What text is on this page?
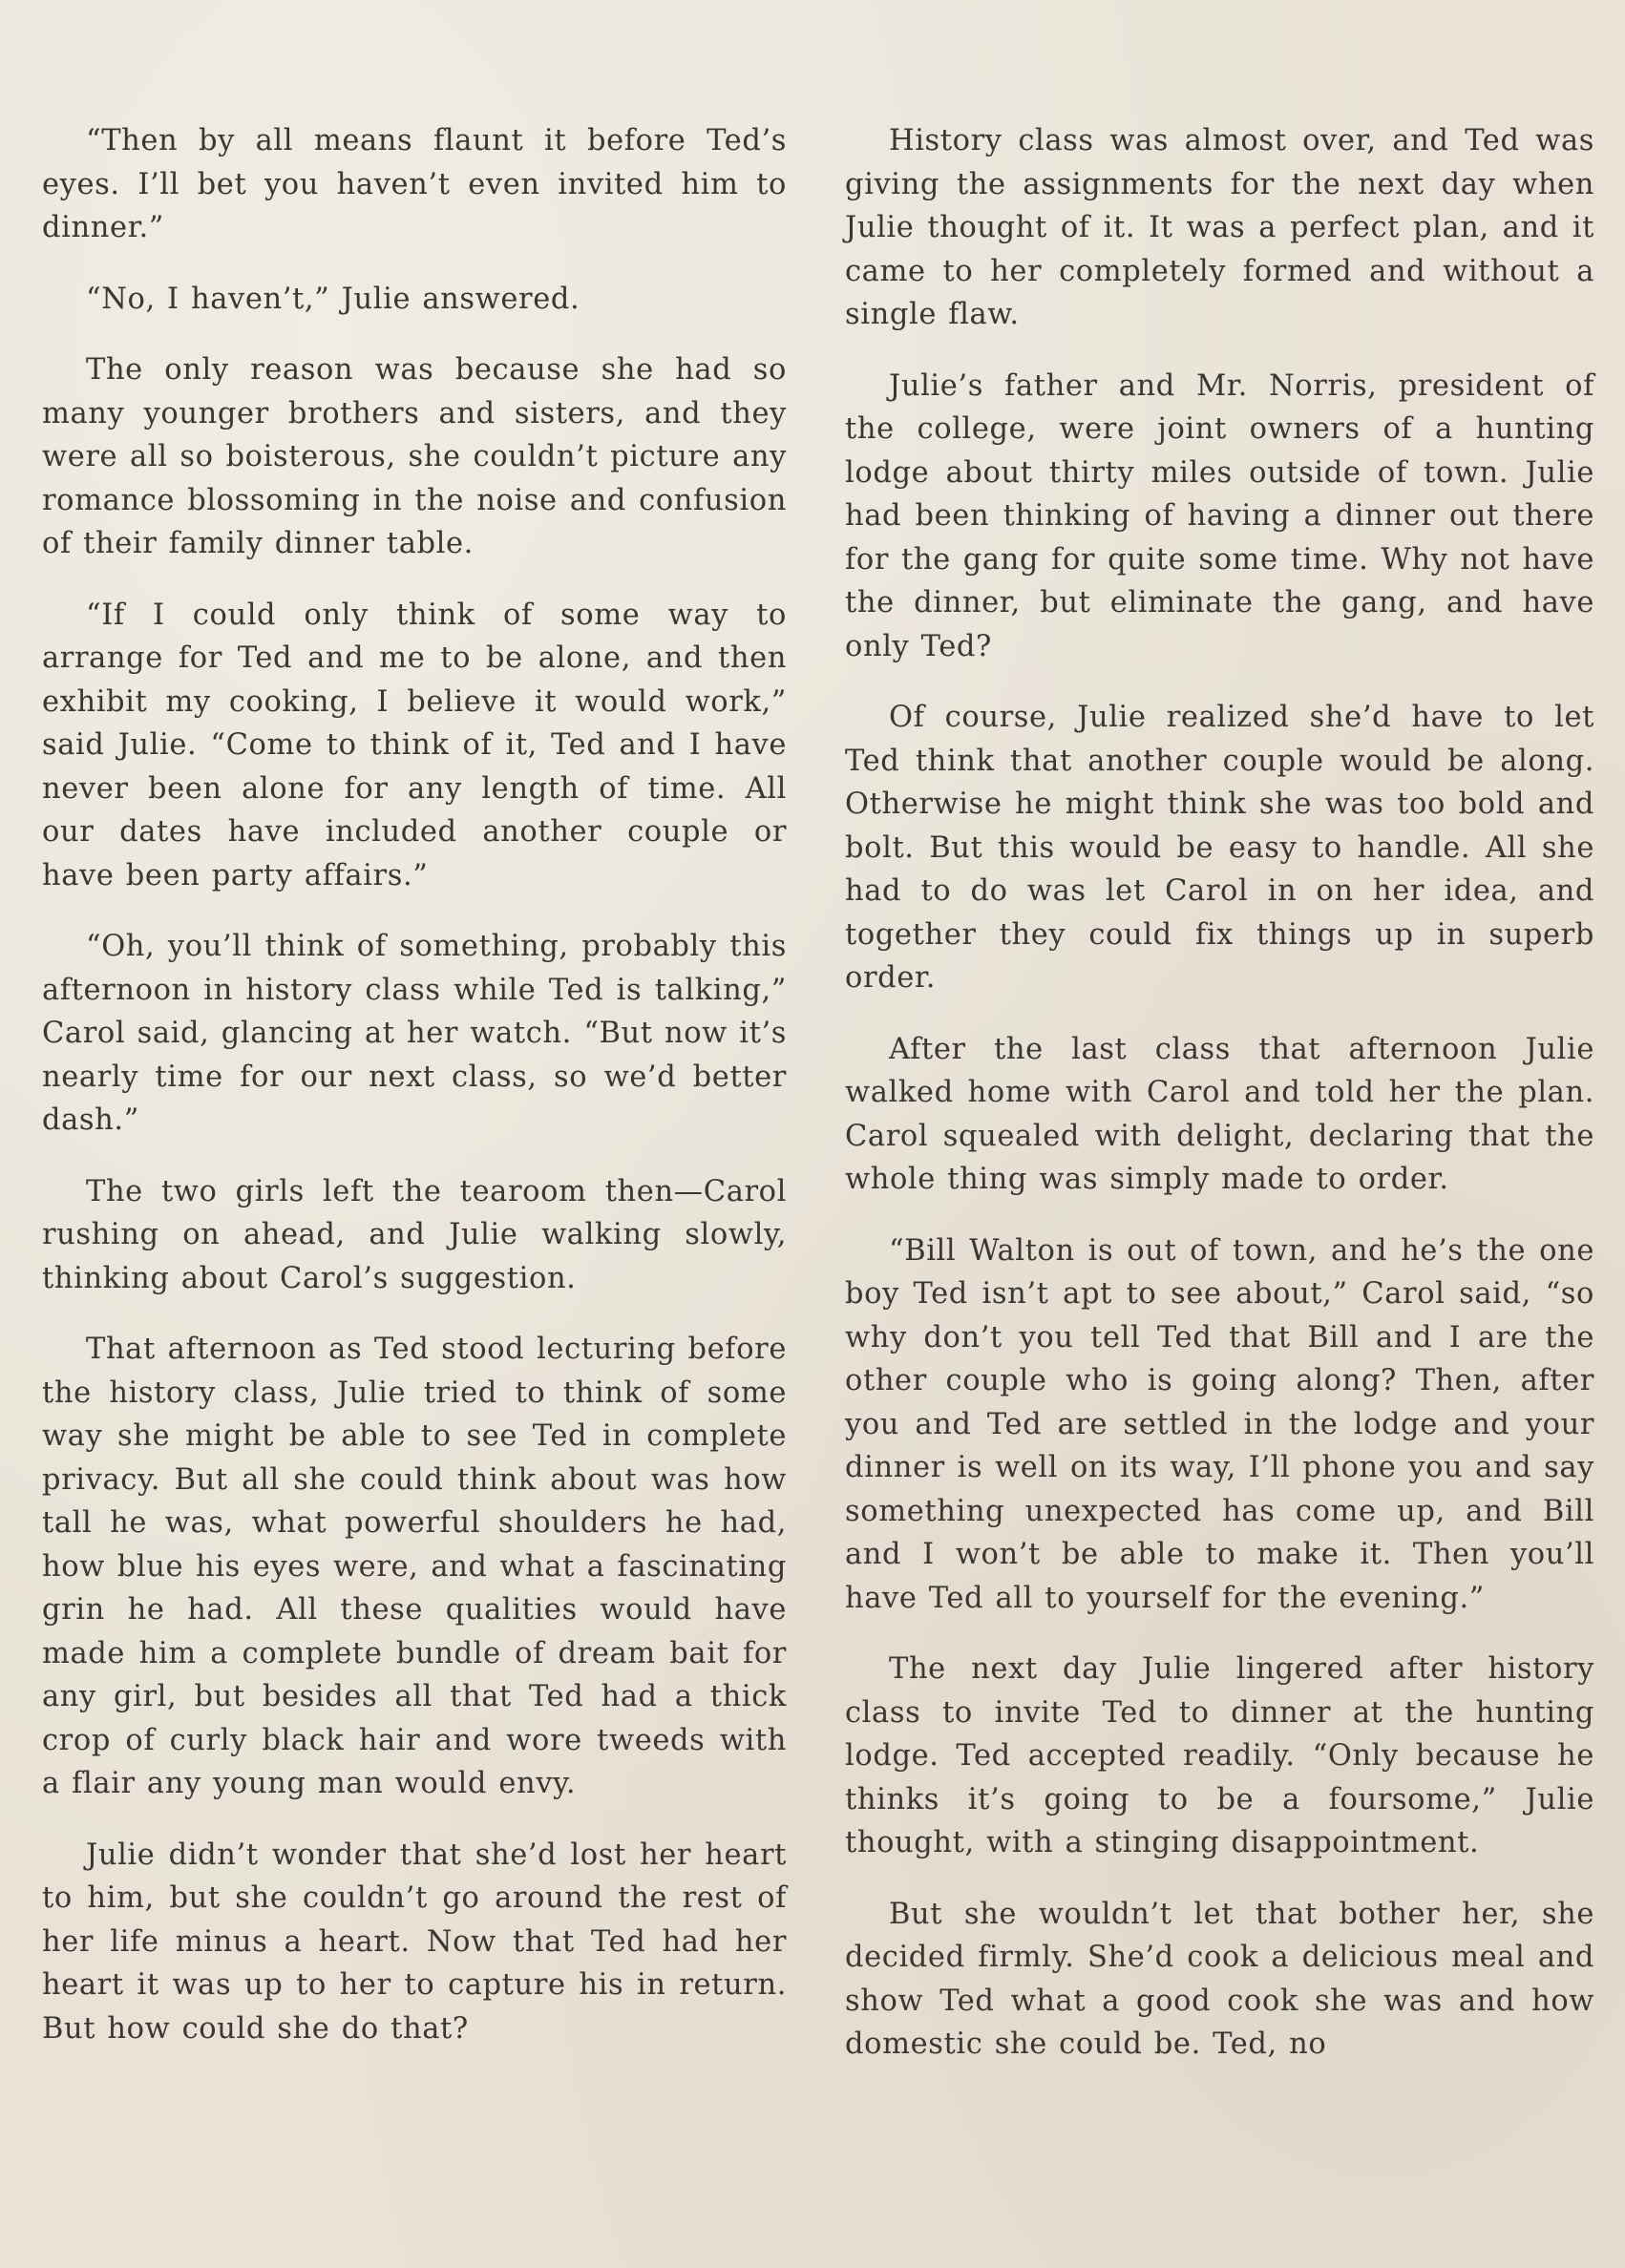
“Then by all means flaunt it before Ted’s eyes. I’ll bet you haven’t even invited him to dinner.”

“No, I haven’t,” Julie answered.

The only reason was because she had so many younger brothers and sisters, and they were all so boisterous, she couldn’t picture any romance blossoming in the noise and confusion of their family dinner table.

“If I could only think of some way to arrange for Ted and me to be alone, and then exhibit my cooking, I believe it would work,” said Julie. “Come to think of it, Ted and I have never been alone for any length of time. All our dates have included another couple or have been party affairs.”

“Oh, you’ll think of something, probably this afternoon in history class while Ted is talking,” Carol said, glancing at her watch. “But now it’s nearly time for our next class, so we’d better dash.”

The two girls left the tearoom then—Carol rushing on ahead, and Julie walking slowly, thinking about Carol’s suggestion.

That afternoon as Ted stood lecturing before the history class, Julie tried to think of some way she might be able to see Ted in complete privacy. But all she could think about was how tall he was, what powerful shoulders he had, how blue his eyes were, and what a fascinating grin he had. All these qualities would have made him a complete bundle of dream bait for any girl, but besides all that Ted had a thick crop of curly black hair and wore tweeds with a flair any young man would envy.

Julie didn’t wonder that she’d lost her heart to him, but she couldn’t go around the rest of her life minus a heart. Now that Ted had her heart it was up to her to capture his in return. But how could she do that?

History class was almost over, and Ted was giving the assignments for the next day when Julie thought of it. It was a perfect plan, and it came to her completely formed and without a single flaw.

Julie’s father and Mr. Norris, president of the college, were joint owners of a hunting lodge about thirty miles outside of town. Julie had been thinking of having a dinner out there for the gang for quite some time. Why not have the dinner, but eliminate the gang, and have only Ted?

Of course, Julie realized she’d have to let Ted think that another couple would be along. Otherwise he might think she was too bold and bolt. But this would be easy to handle. All she had to do was let Carol in on her idea, and together they could fix things up in superb order.

After the last class that afternoon Julie walked home with Carol and told her the plan. Carol squealed with delight, declaring that the whole thing was simply made to order.

“Bill Walton is out of town, and he’s the one boy Ted isn’t apt to see about,” Carol said, “so why don’t you tell Ted that Bill and I are the other couple who is going along? Then, after you and Ted are settled in the lodge and your dinner is well on its way, I’ll phone you and say something unexpected has come up, and Bill and I won’t be able to make it. Then you’ll have Ted all to yourself for the evening.”

The next day Julie lingered after history class to invite Ted to dinner at the hunting lodge. Ted accepted readily. “Only because he thinks it’s going to be a foursome,” Julie thought, with a stinging disappointment.

But she wouldn’t let that bother her, she decided firmly. She’d cook a delicious meal and show Ted what a good cook she was and how domestic she could be. Ted, no
